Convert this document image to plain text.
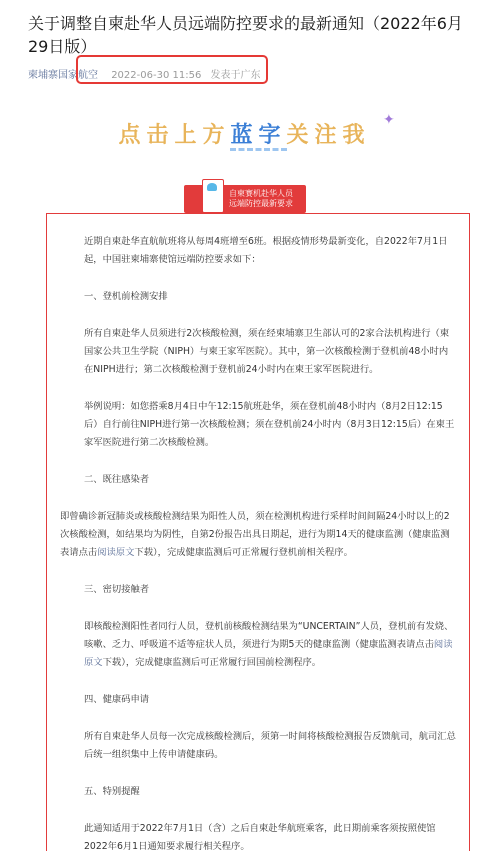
关于调整自柬赴华人员远端防控要求的最新通知（2022年6月29日版）
柬埔寨国家航空 2022-06-30 11:56 发表于广东
点击上方蓝字关注我
✦
自柬赛机赴华人员
远端防控最新要求

近期自柬赴华直航航班将从每周4班增至6班。根据疫情形势最新变化，自2022年7月1日起，中国驻柬埔寨使馆远端防控要求如下：

一、登机前检测安排

所有自柬赴华人员须进行2次核酸检测，须在经柬埔寨卫生部认可的2家合法机构进行（柬国家公共卫生学院（NIPH）与柬王家军医院）。其中，第一次核酸检测于登机前48小时内在NIPH进行；第二次核酸检测于登机前24小时内在柬王家军医院进行。

举例说明：如您搭乘8月4日中午12:15航班赴华，须在登机前48小时内（8月2日12:15后）自行前往NIPH进行第一次核酸检测；须在登机前24小时内（8月3日12:15后）在柬王家军医院进行第二次核酸检测。

二、既往感染者

即曾确诊新冠肺炎或核酸检测结果为阳性人员，须在检测机构进行采样时间间隔24小时以上的2次核酸检测，如结果均为阴性，自第2份报告出具日期起，进行为期14天的健康监测（健康监测表请点击阅读原文下载），完成健康监测后可正常履行登机前相关程序。

三、密切接触者

即核酸检测阳性者同行人员，登机前核酸检测结果为“UNCERTAIN”人员，登机前有发烧、咳嗽、乏力、呼吸道不适等症状人员，须进行为期5天的健康监测（健康监测表请点击阅读原文下载），完成健康监测后可正常履行回国前检测程序。

四、健康码申请

所有自柬赴华人员每一次完成核酸检测后，须第一时间将核酸检测报告反馈航司，航司汇总后统一组织集中上传申请健康码。

五、特别提醒

此通知适用于2022年7月1日（含）之后自柬赴华航班乘客，此日期前乘客须按照使馆2022年6月1日通知要求履行相关程序。
